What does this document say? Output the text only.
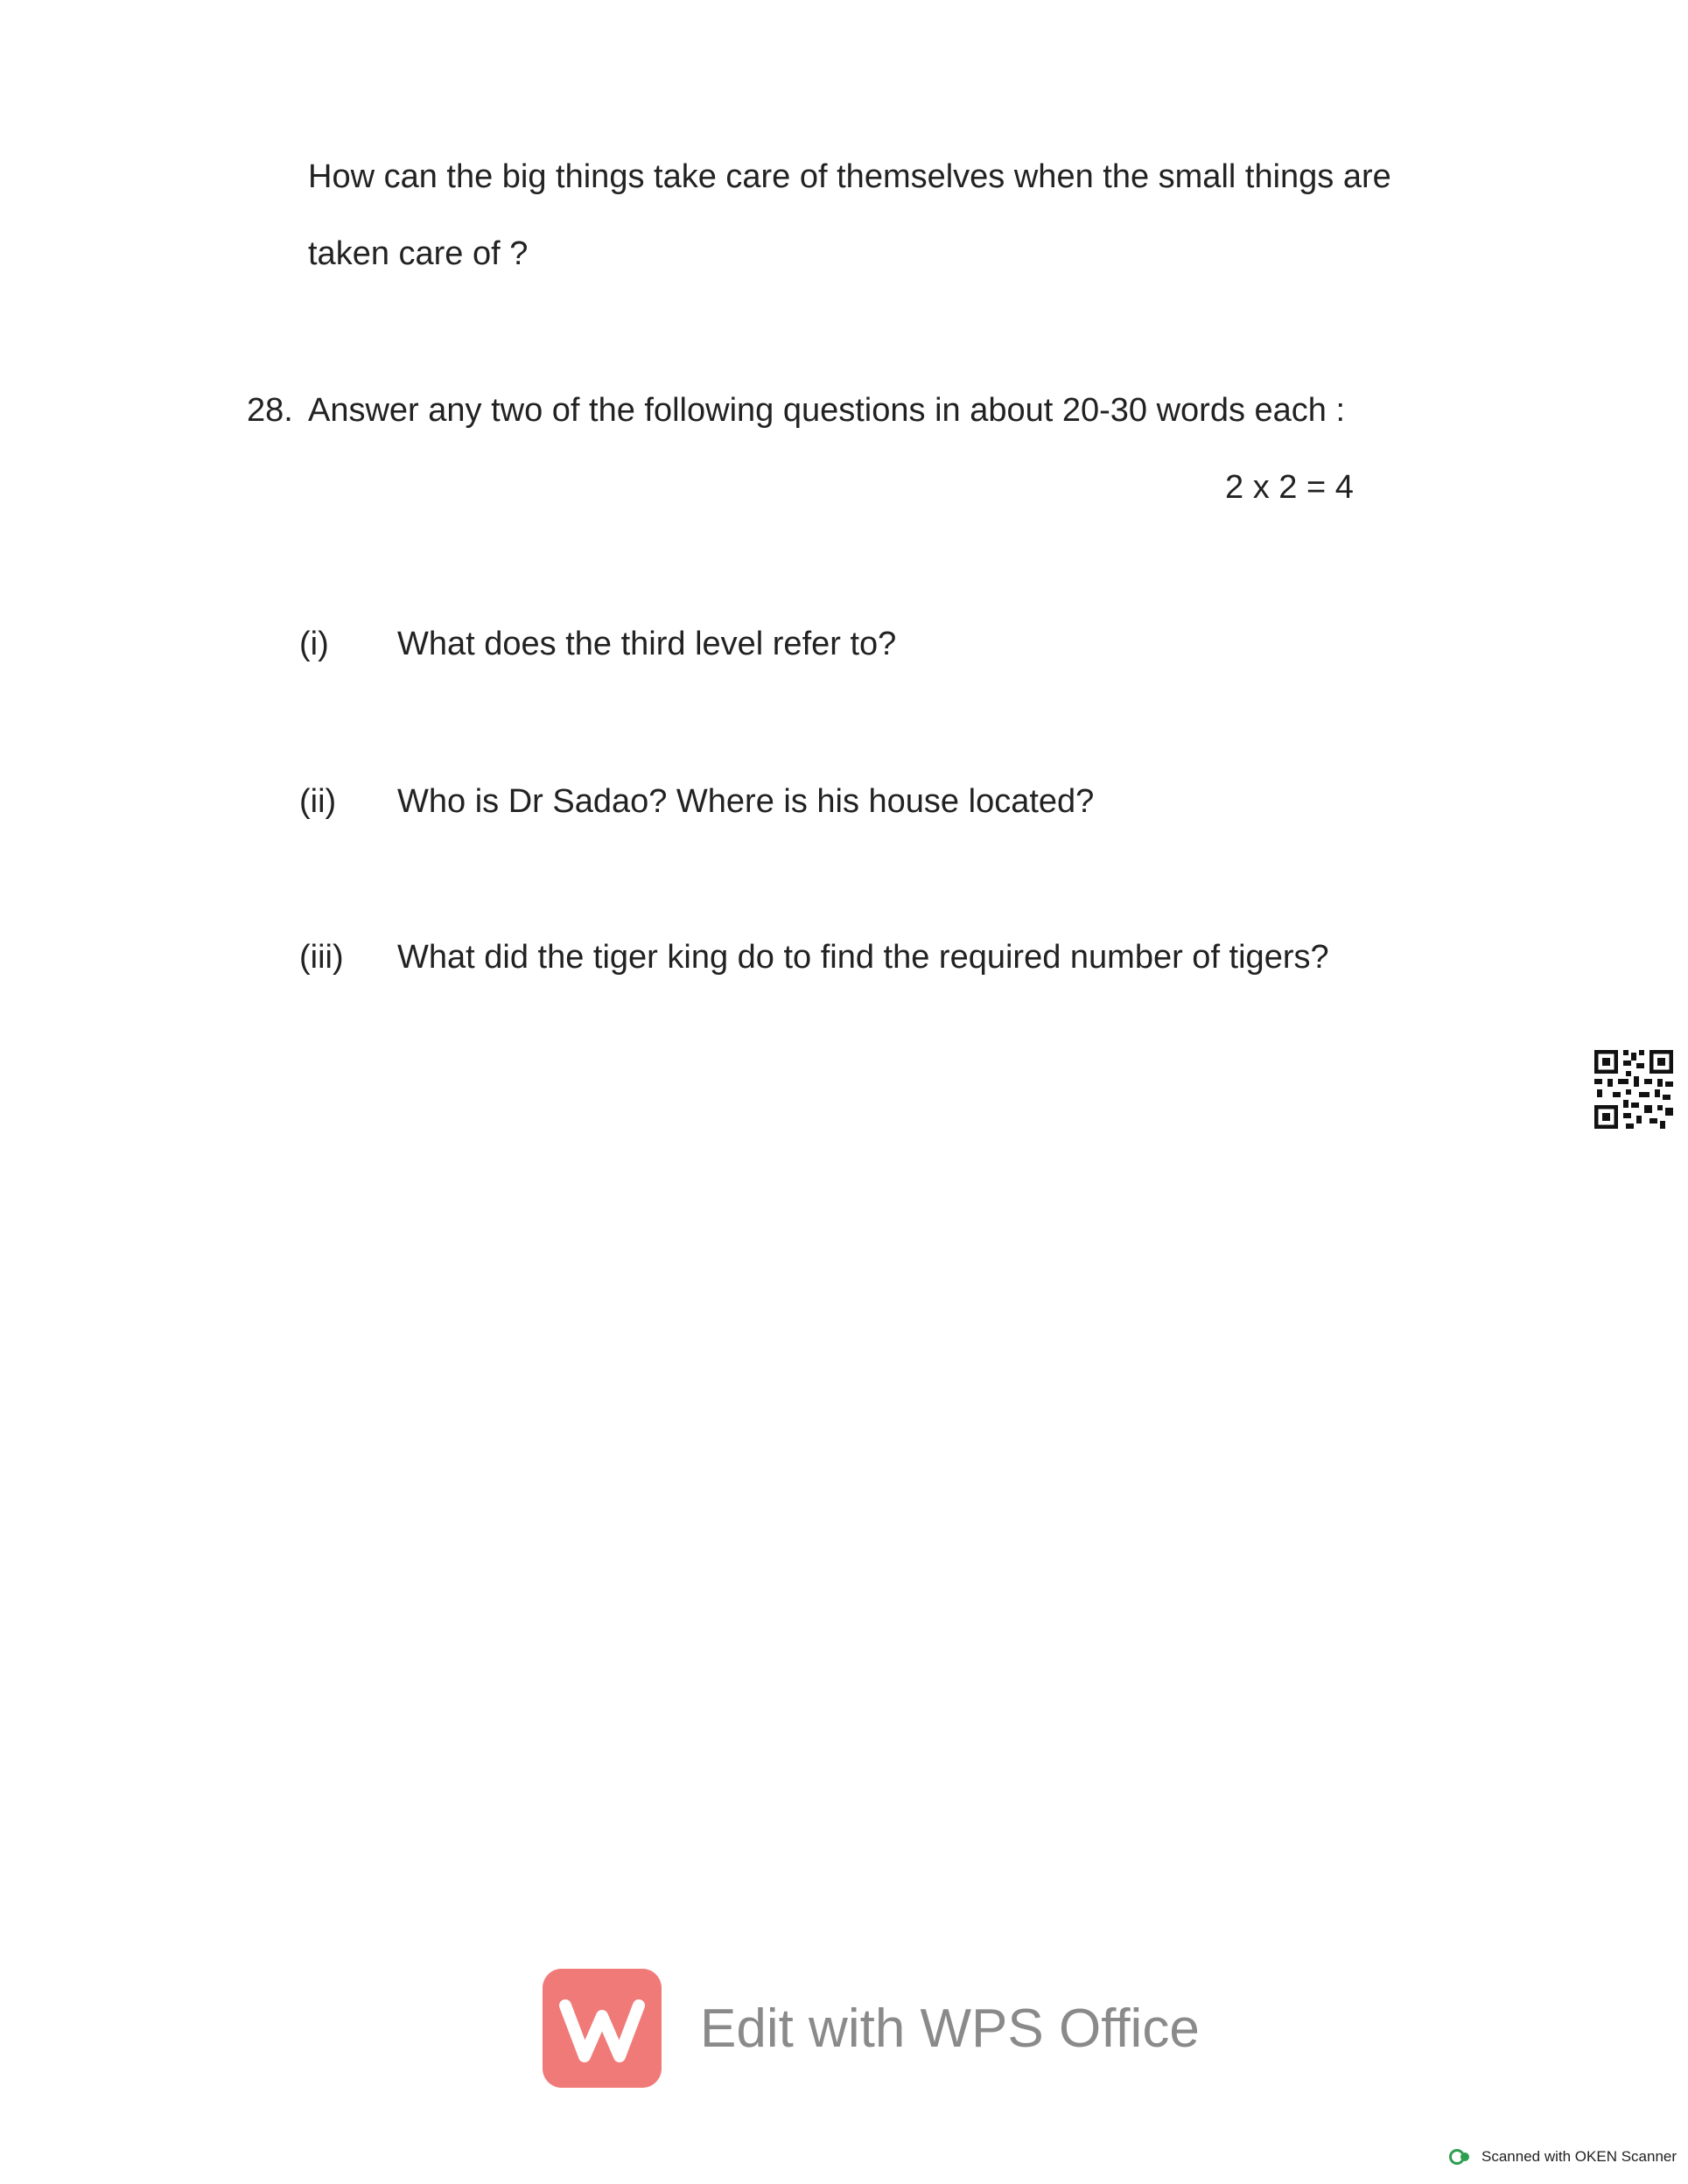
How can the big things take care of themselves when the small things are
taken care of ?
28. Answer any two of the following questions in about 20-30 words each :
2 x 2 = 4
(i) What does the third level refer to?
(ii) Who is Dr Sadao? Where is his house located?
(iii) What did the tiger king do to find the required number of tigers?
Edit with WPS Office
Scanned with OKEN Scanner
